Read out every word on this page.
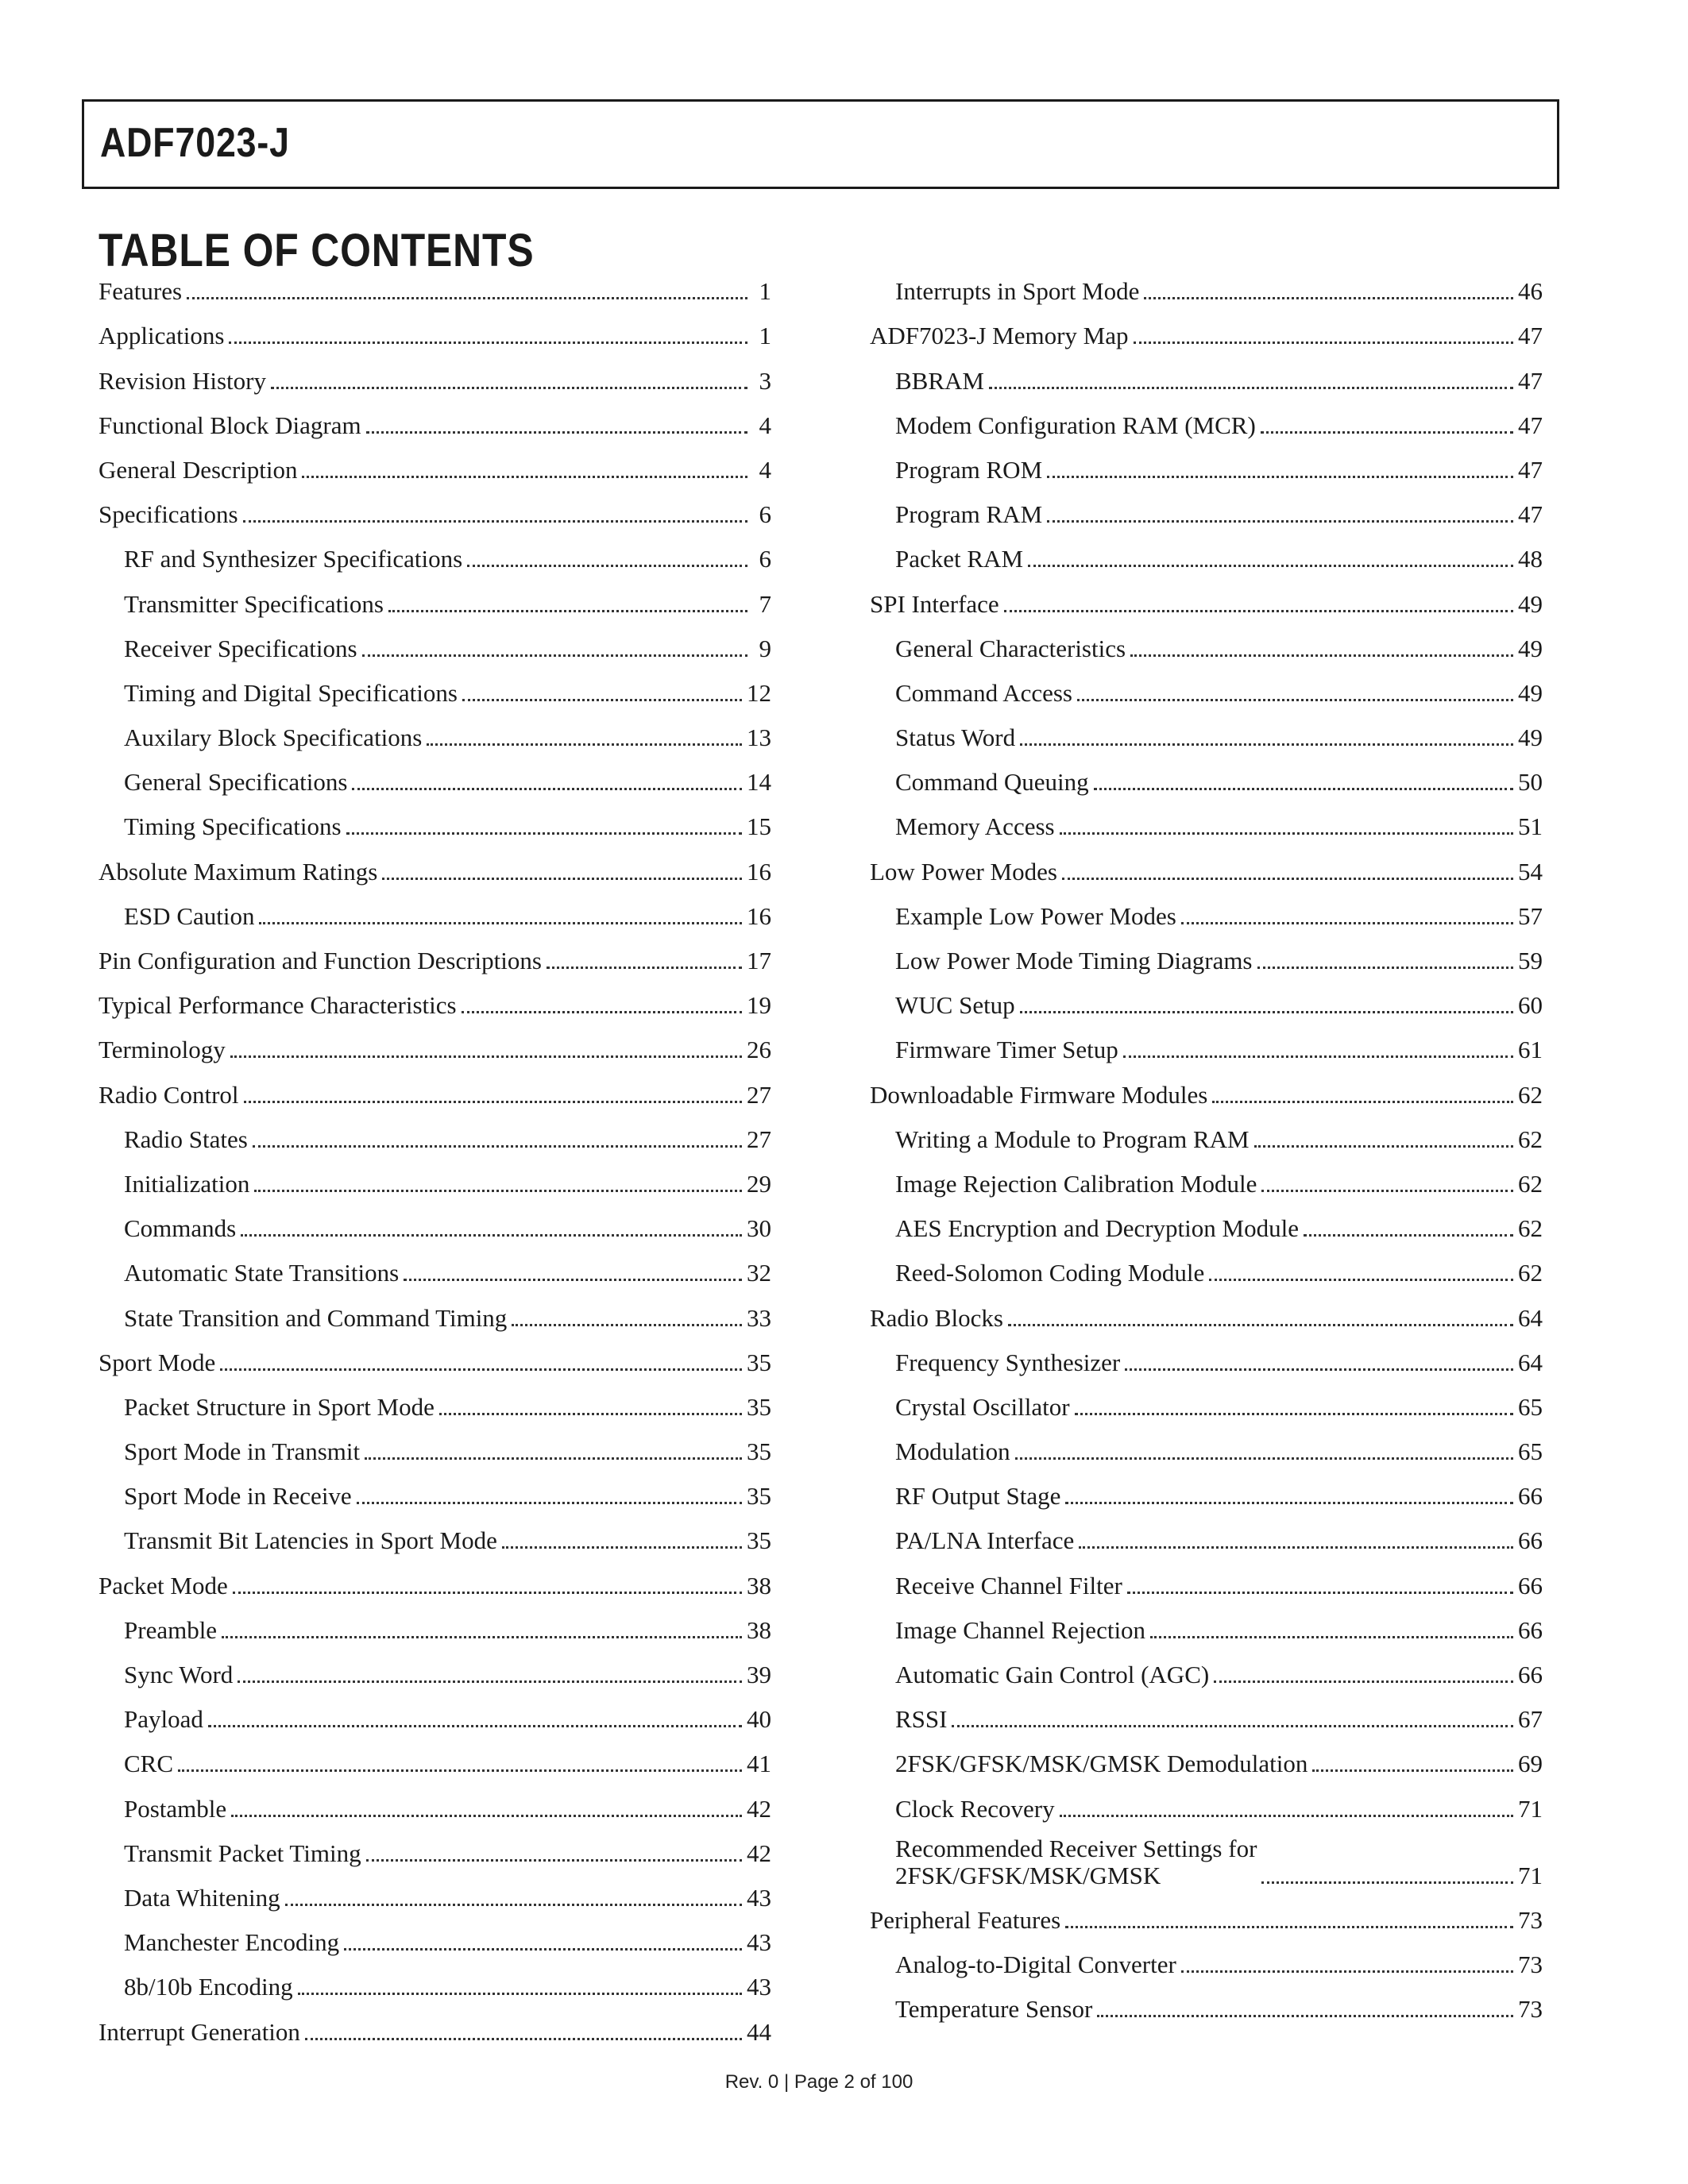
ADF7023-J
TABLE OF CONTENTS
Features	1
Applications	1
Revision History	3
Functional Block Diagram	4
General Description	4
Specifications	6
RF and Synthesizer Specifications	6
Transmitter Specifications	7
Receiver Specifications	9
Timing and Digital Specifications	12
Auxilary Block Specifications	13
General Specifications	14
Timing Specifications	15
Absolute Maximum Ratings	16
ESD Caution	16
Pin Configuration and Function Descriptions	17
Typical Performance Characteristics	19
Terminology	26
Radio Control	27
Radio States	27
Initialization	29
Commands	30
Automatic State Transitions	32
State Transition and Command Timing	33
Sport Mode	35
Packet Structure in Sport Mode	35
Sport Mode in Transmit	35
Sport Mode in Receive	35
Transmit Bit Latencies in Sport Mode	35
Packet Mode	38
Preamble	38
Sync Word	39
Payload	40
CRC	41
Postamble	42
Transmit Packet Timing	42
Data Whitening	43
Manchester Encoding	43
8b/10b Encoding	43
Interrupt Generation	44
Interrupts in Sport Mode	46
ADF7023-J Memory Map	47
BBRAM	47
Modem Configuration RAM (MCR)	47
Program ROM	47
Program RAM	47
Packet RAM	48
SPI Interface	49
General Characteristics	49
Command Access	49
Status Word	49
Command Queuing	50
Memory Access	51
Low Power Modes	54
Example Low Power Modes	57
Low Power Mode Timing Diagrams	59
WUC Setup	60
Firmware Timer Setup	61
Downloadable Firmware Modules	62
Writing a Module to Program RAM	62
Image Rejection Calibration Module	62
AES Encryption and Decryption Module	62
Reed-Solomon Coding Module	62
Radio Blocks	64
Frequency Synthesizer	64
Crystal Oscillator	65
Modulation	65
RF Output Stage	66
PA/LNA Interface	66
Receive Channel Filter	66
Image Channel Rejection	66
Automatic Gain Control (AGC)	66
RSSI	67
2FSK/GFSK/MSK/GMSK Demodulation	69
Clock Recovery	71
Recommended Receiver Settings for
2FSK/GFSK/MSK/GMSK	71
Peripheral Features	73
Analog-to-Digital Converter	73
Temperature Sensor	73
Rev. 0 | Page 2 of 100
